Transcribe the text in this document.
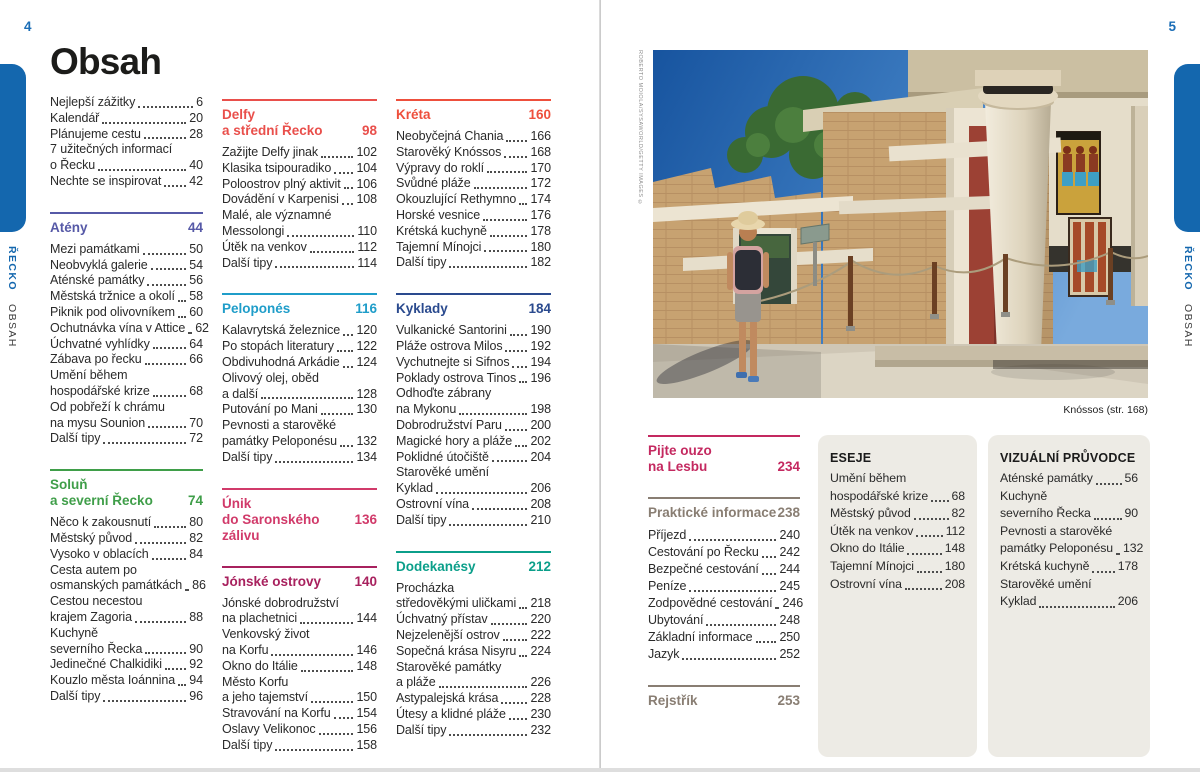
ŘECKO OBSAH
ŘECKO OBSAH
4	5
Obsah
Nejlepší zážitky	6
Kalendář	20
Plánujeme cestu	28
7 užitečných informací
o Řecku	40
Nechte se inspirovat 42
Atény	44
Mezi památkami	50
Neobvyklá galerie	54
Aténské památky	56
Městská tržnice a okolí 58
Piknik pod olivovníkem 60
Ochutnávka vína v Attice 62
Úchvatné vyhlídky	64
Zábava po řecku	66
Umění během
hospodářské krize	68
Od pobřeží k chrámu
na mysu Sounion	70
Další tipy	72
Soluň
a severní Řecko	74
Něco k zakousnutí	80
Městský původ	82
Vysoko v oblacích	84
Cesta autem po
osmanských památkách 86
Cestou necestou
krajem Zagoria	88
Kuchyně
severního Řecka	90
Jedinečné Chalkidiki 92
Kouzlo města Ioánnina 94
Další tipy	96
Delfy
a střední Řecko	98
Zažijte Delfy jinak	102
Klasika tsipouradiko 104
Poloostrov plný aktivit 106
Dovádění v Karpenisi 108
Malé, ale významné
Messolongi	110
Útěk na venkov	112
Další tipy	114
Peloponés	116
Kalavrytská železnice 120
Po stopách literatury 122
Obdivuhodná Arkádie 124
Olivový olej, oběd
a další	128
Putování po Mani	130
Pevnosti a starověké
památky Peloponésu 132
Další tipy	134
Únik
do Saronského zálivu
136
Jónské ostrovy 140
Jónské dobrodružství
na plachetnici	144
Venkovský život
na Korfu	146
Okno do Itálie	148
Město Korfu
a jeho tajemství	150
Stravování na Korfu 154
Oslavy Velikonoc	156
Další tipy	158
Kréta	160
Neobyčejná Chania 166
Starověký Knóssos 168
Výpravy do roklí	170
Svůdné pláže	172
Okouzlující Rethymno 174
Horské vesnice	176
Krétská kuchyně	178
Tajemní Mínojci	180
Další tipy	182
Kyklady	184
Vulkanické Santorini 190
Pláže ostrova Milos 192
Vychutnejte si Sifnos 194
Poklady ostrova Tinos 196
Odhoďte zábrany
na Mykonu	198
Dobrodružství Paru 200
Magické hory a pláže 202
Poklidné útočiště	204
Starověké umění
Kyklad	206
Ostrovní vína	208
Další tipy	210
Dodekanésy	212
Procházka
středověkými uličkami 218
Úchvatný přístav	220
Nejzelenější ostrov 222
Sopečná krása Nisyru 224
Starověké památky
a pláže	226
Astypalejská krása	228
Útesy a klidné pláže 230
Další tipy	232
ROBERTO MOIOLA/SYSAWORLD/GETTY IMAGES ©
Knóssos (str. 168)
Pijte ouzo
na Lesbu	234
Praktické informace 238
Příjezd	240
Cestování po Řecku 242
Bezpečné cestování 244
Peníze	245
Zodpovědné cestování 246
Ubytování	248
Základní informace 250
Jazyk	252
Rejstřík	253
ESEJE
Umění během
hospodářské krize 68
Městský původ	82
Útěk na venkov	112
Okno do Itálie	148
Tajemní Mínojci	180
Ostrovní vína	208
VIZUÁLNÍ PRŮVODCE
Aténské památky	56
Kuchyně
severního Řecka	90
Pevnosti a starověké
památky Peloponésu 132
Krétská kuchyně 178
Starověké umění
Kyklad	206
